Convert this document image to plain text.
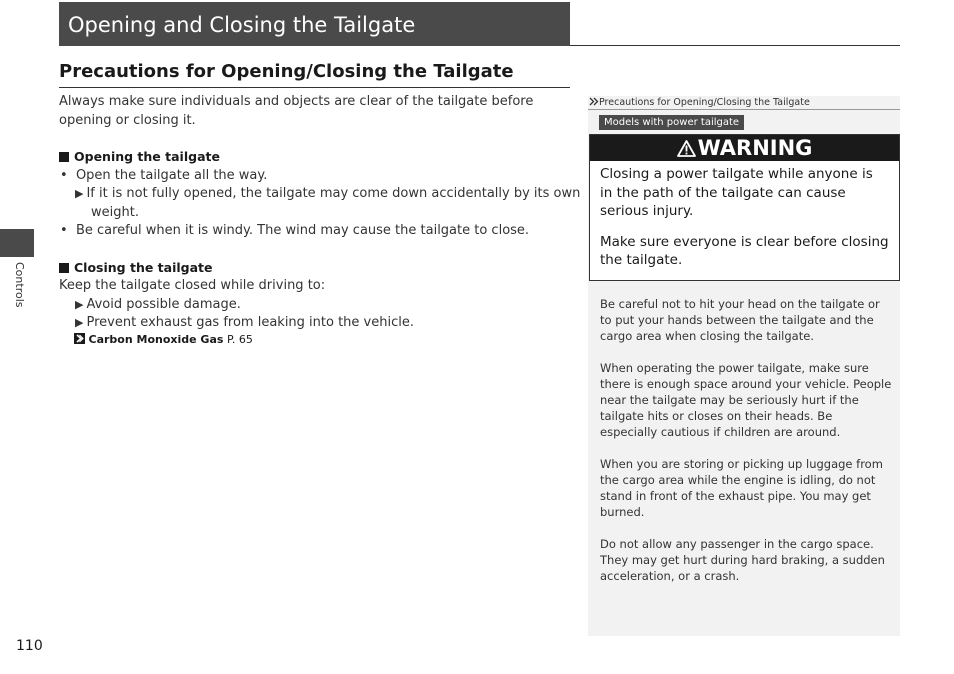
Opening and Closing the Tailgate
Controls
Precautions for Opening/Closing the Tailgate
Always make sure individuals and objects are clear of the tailgate before opening or closing it.
Opening the tailgate
• Open the tailgate all the way.
▶ If it is not fully opened, the tailgate may come down accidentally by its own
weight.
• Be careful when it is windy. The wind may cause the tailgate to close.
Closing the tailgate
Keep the tailgate closed while driving to:
▶ Avoid possible damage.
▶ Prevent exhaust gas from leaking into the vehicle.
Carbon Monoxide Gas P. 65
110
Precautions for Opening/Closing the Tailgate
Models with power tailgate
WARNING

Closing a power tailgate while anyone is in the path of the tailgate can cause serious injury.

Make sure everyone is clear before closing the tailgate.

Be careful not to hit your head on the tailgate or to put your hands between the tailgate and the cargo area when closing the tailgate.

When operating the power tailgate, make sure there is enough space around your vehicle. People near the tailgate may be seriously hurt if the tailgate hits or closes on their heads. Be especially cautious if children are around.

When you are storing or picking up luggage from the cargo area while the engine is idling, do not stand in front of the exhaust pipe. You may get burned.

Do not allow any passenger in the cargo space. They may get hurt during hard braking, a sudden acceleration, or a crash.
